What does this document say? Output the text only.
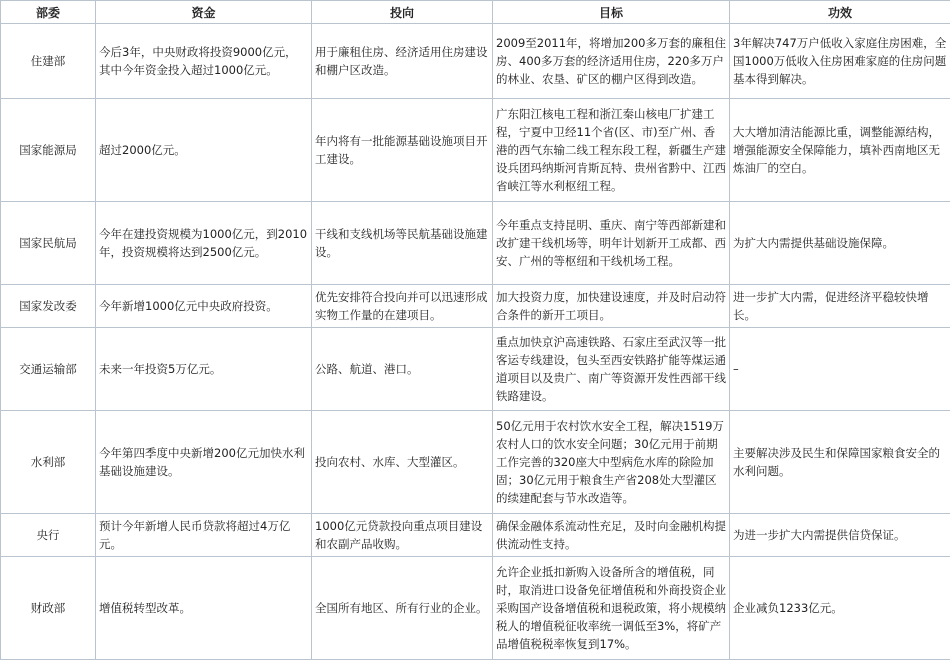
部委	资金	投向	目标	功效
住建部	今后3年，中央财政将投资9000亿元，其中今年资金投入超过1000亿元。	用于廉租住房、经济适用住房建设和棚户区改造。	2009至2011年，将增加200多万套的廉租住房、400多万套的经济适用住房，220多万户的林业、农垦、矿区的棚户区得到改造。	3年解决747万户低收入家庭住房困难，全国1000万低收入住房困难家庭的住房问题基本得到解决。
国家能源局	超过2000亿元。	年内将有一批能源基础设施项目开工建设。	广东阳江核电工程和浙江秦山核电厂扩建工程，宁夏中卫经11个省(区、市)至广州、香港的西气东输二线工程东段工程，新疆生产建设兵团玛纳斯河肯斯瓦特、贵州省黔中、江西省峡江等水利枢纽工程。	大大增加清洁能源比重，调整能源结构，增强能源安全保障能力，填补西南地区无炼油厂的空白。
国家民航局	今年在建投资规模为1000亿元，到2010年，投资规模将达到2500亿元。	干线和支线机场等民航基础设施建设。	今年重点支持昆明、重庆、南宁等西部新建和改扩建干线机场等，明年计划新开工成都、西安、广州的等枢纽和干线机场工程。	为扩大内需提供基础设施保障。
国家发改委	今年新增1000亿元中央政府投资。	优先安排符合投向并可以迅速形成实物工作量的在建项目。	加大投资力度，加快建设速度，并及时启动符合条件的新开工项目。	进一步扩大内需，促进经济平稳较快增长。
交通运输部	未来一年投资5万亿元。	公路、航道、港口。	重点加快京沪高速铁路、石家庄至武汉等一批客运专线建设，包头至西安铁路扩能等煤运通道项目以及贵广、南广等资源开发性西部干线铁路建设。	–
水利部	今年第四季度中央新增200亿元加快水利基础设施建设。	投向农村、水库、大型灌区。	50亿元用于农村饮水安全工程，解决1519万农村人口的饮水安全问题；30亿元用于前期工作完善的320座大中型病危水库的除险加固；30亿元用于粮食生产省208处大型灌区的续建配套与节水改造等。	主要解决涉及民生和保障国家粮食安全的水利问题。
央行	预计今年新增人民币贷款将超过4万亿元。	1000亿元贷款投向重点项目建设和农副产品收购。	确保金融体系流动性充足，及时向金融机构提供流动性支持。	为进一步扩大内需提供信贷保证。
财政部	增值税转型改革。	全国所有地区、所有行业的企业。	允许企业抵扣新购入设备所含的增值税，同时，取消进口设备免征增值税和外商投资企业采购国产设备增值税和退税政策，将小规模纳税人的增值税征收率统一调低至3%，将矿产品增值税税率恢复到17%。	企业减负1233亿元。
